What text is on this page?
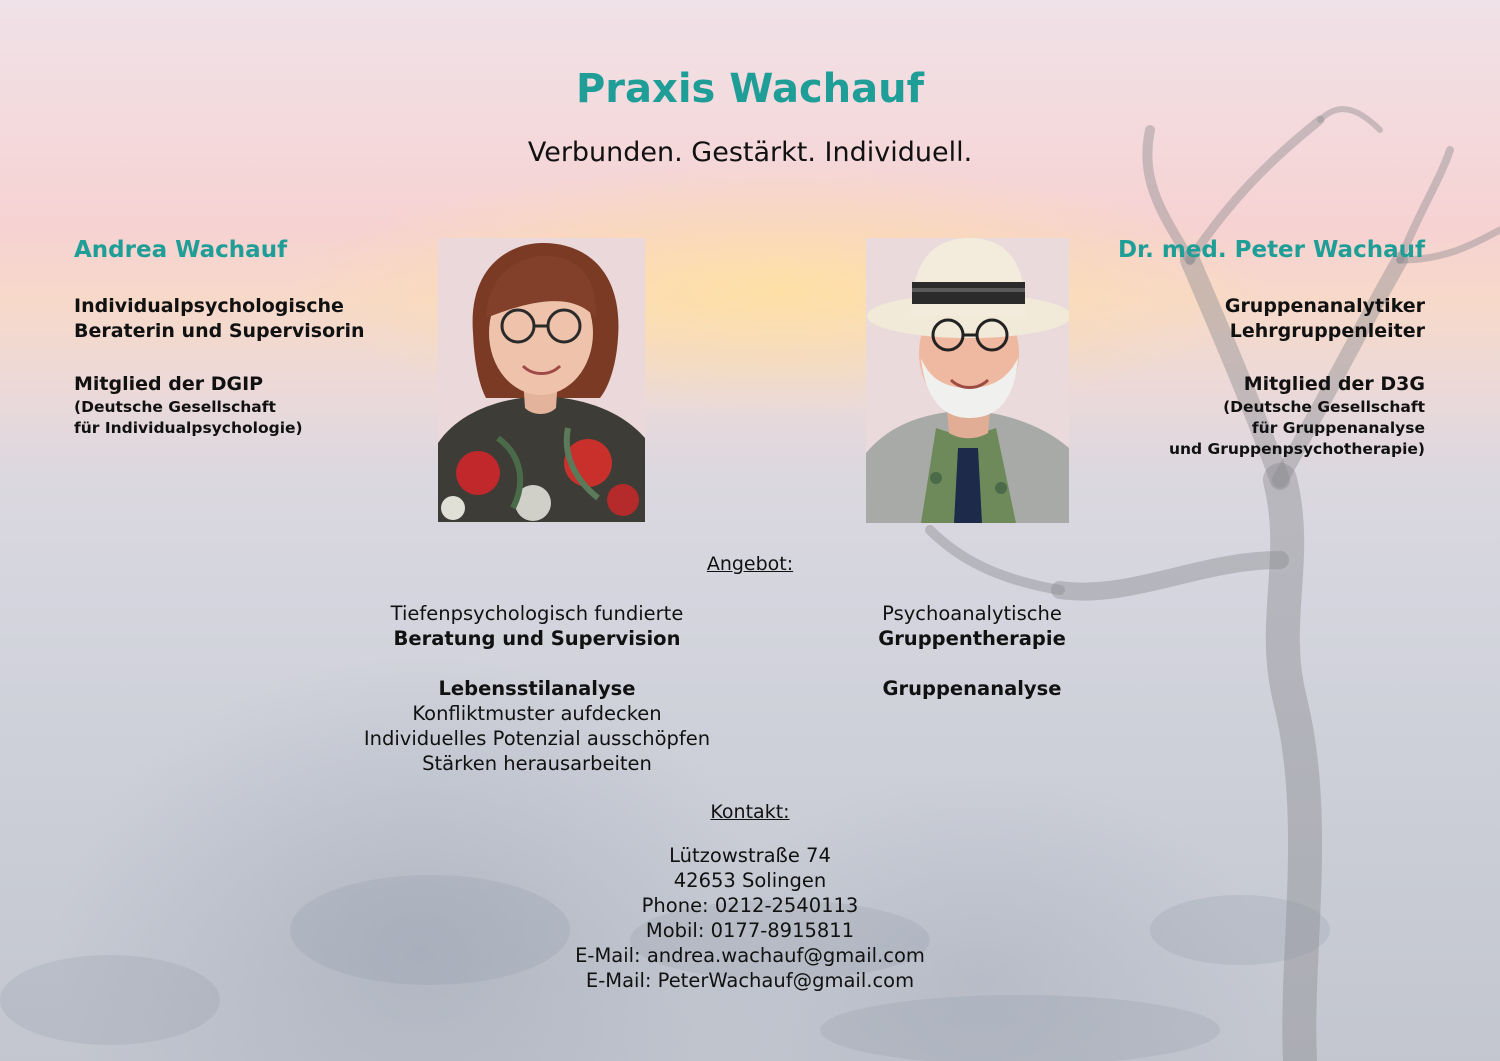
Praxis Wachauf
Verbunden. Gestärkt. Individuell.
Andrea Wachauf
Individualpsychologische
Beraterin und Supervisorin
Mitglied der DGIP
(Deutsche Gesellschaft
für Individualpsychologie)
Dr. med. Peter Wachauf
Gruppenanalytiker
Lehrgruppenleiter
Mitglied der D3G
(Deutsche Gesellschaft
für Gruppenanalyse
und Gruppenpsychotherapie)
Angebot:
Tiefenpsychologisch fundierte
Beratung und Supervision
Lebensstilanalyse
Konfliktmuster aufdecken
Individuelles Potenzial ausschöpfen
Stärken herausarbeiten
Psychoanalytische
Gruppentherapie
Gruppenanalyse
Kontakt:
Lützowstraße 74
42653 Solingen
Phone: 0212-2540113
Mobil: 0177-8915811
E-Mail: andrea.wachauf@gmail.com
E-Mail: PeterWachauf@gmail.com
